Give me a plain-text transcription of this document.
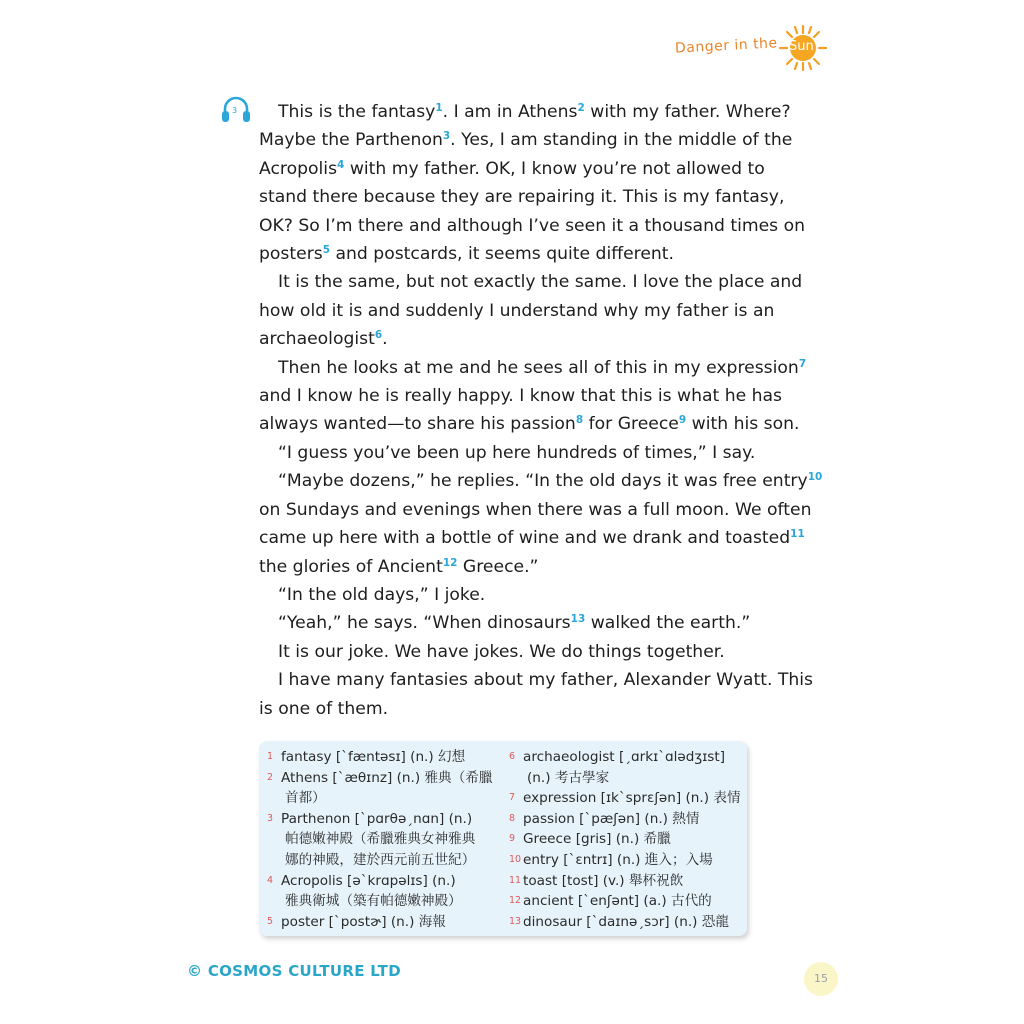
Danger in the Sun
3	This is the fantasy$^1$. I am in Athens$^2$ with my father. Where?
Maybe the Parthenon$^3$. Yes, I am standing in the middle of the
Acropolis$^4$ with my father. OK, I know you’re not allowed to
stand there because they are repairing it. This is my fantasy,
OK? So I’m there and although I’ve seen it a thousand times on
posters$^5$ and postcards, it seems quite different.

It is the same, but not exactly the same. I love the place and
how old it is and suddenly I understand why my father is an
archaeologist$^6$.

Then he looks at me and he sees all of this in my expression$^7$
and I know he is really happy. I know that this is what he has
always wanted—to share his passion$^8$ for Greece$^9$ with his son.

“I guess you’ve been up here hundreds of times,” I say.

“Maybe dozens,” he replies. “In the old days it was free entry$^{10}$
on Sundays and evenings when there was a full moon. We often
came up here with a bottle of wine and we drank and toasted$^{11}$
the glories of Ancient$^{12}$ Greece.”

“In the old days,” I joke.

“Yeah,” he says. “When dinosaurs$^{13}$ walked the earth.”

It is our joke. We have jokes. We do things together.

I have many fantasies about my father, Alexander Wyatt. This
is one of them.

1 fantasy [ˋfæntəsɪ] (n.) 幻想
2 Athens [ˋæθɪnz] (n.) 雅典（希臘
首都）
3 Parthenon [ˋpɑrθəˏnɑn] (n.)
帕德嫩神殿（希臘雅典女神雅典
娜的神殿，建於西元前五世紀）
4 Acropolis [əˋkrɑpəlɪs] (n.)
雅典衛城（築有帕德嫩神殿）
5 poster [ˋpostɚ] (n.) 海報
6 archaeologist [ˏɑrkɪˋɑlədʒɪst]
(n.) 考古學家
7 expression [ɪkˋsprɛʃən] (n.) 表情
8 passion [ˋpæʃən] (n.) 熱情
9 Greece [gris] (n.) 希臘
10 entry [ˋɛntrɪ] (n.) 進入；入場
11 toast [tost] (v.) 舉杯祝飲
12 ancient [ˋenʃənt] (a.) 古代的
13 dinosaur [ˋdaɪnəˏsɔr] (n.) 恐龍
© COSMOS CULTURE LTD	15
